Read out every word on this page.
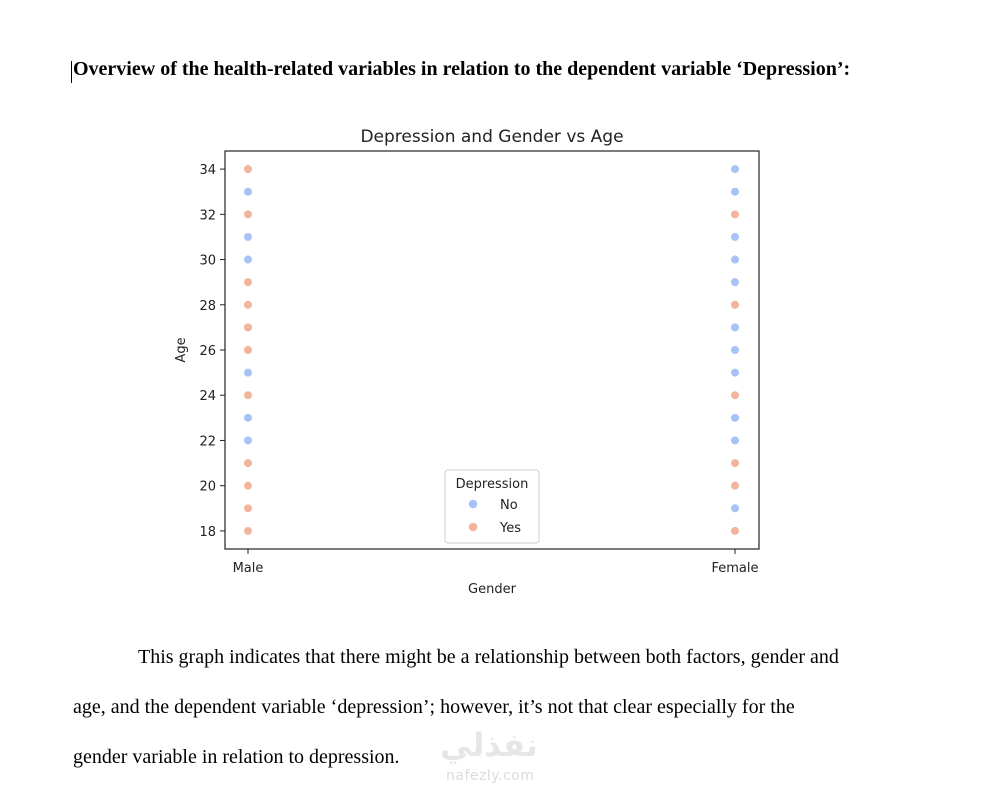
Overview of the health-related variables in relation to the dependent variable ‘Depression’:
Depression and Gender vs Age
18
20
22
24
26
28
30
32
34
Male	Female
Gender
Age
Depression
No
Yes
This graph indicates that there might be a relationship between both factors, gender and
age, and the dependent variable ‘depression’; however, it’s not that clear especially for the
gender variable in relation to depression. نفذلي
nafezly.com
